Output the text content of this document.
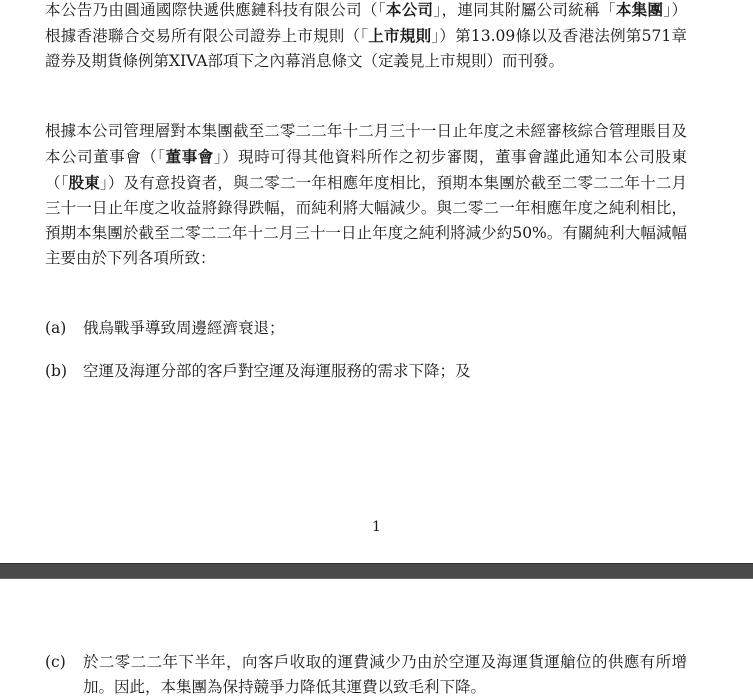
本公告乃由圓通國際快遞供應鏈科技有限公司（「本公司」，連同其附屬公司統稱「本集團」）根據香港聯合交易所有限公司證券上市規則（「上市規則」）第13.09條以及香港法例第571章證券及期貨條例第XIVA部項下之內幕消息條文（定義見上市規則）而刊發。

根據本公司管理層對本集團截至二零二二年十二月三十一日止年度之未經審核綜合管理賬目及本公司董事會（「董事會」）現時可得其他資料所作之初步審閱，董事會謹此通知本公司股東（「股東」）及有意投資者，與二零二一年相應年度相比，預期本集團於截至二零二二年十二月三十一日止年度之收益將錄得跌幅，而純利將大幅減少。與二零二一年相應年度之純利相比，預期本集團於截至二零二二年十二月三十一日止年度之純利將減少約50%。有關純利大幅減幅主要由於下列各項所致：

(a) 俄烏戰爭導致周邊經濟衰退；
(b) 空運及海運分部的客戶對空運及海運服務的需求下降；及
1
(c) 於二零二二年下半年，向客戶收取的運費減少乃由於空運及海運貨運艙位的供應有所增加。因此，本集團為保持競爭力降低其運費以致毛利下降。
